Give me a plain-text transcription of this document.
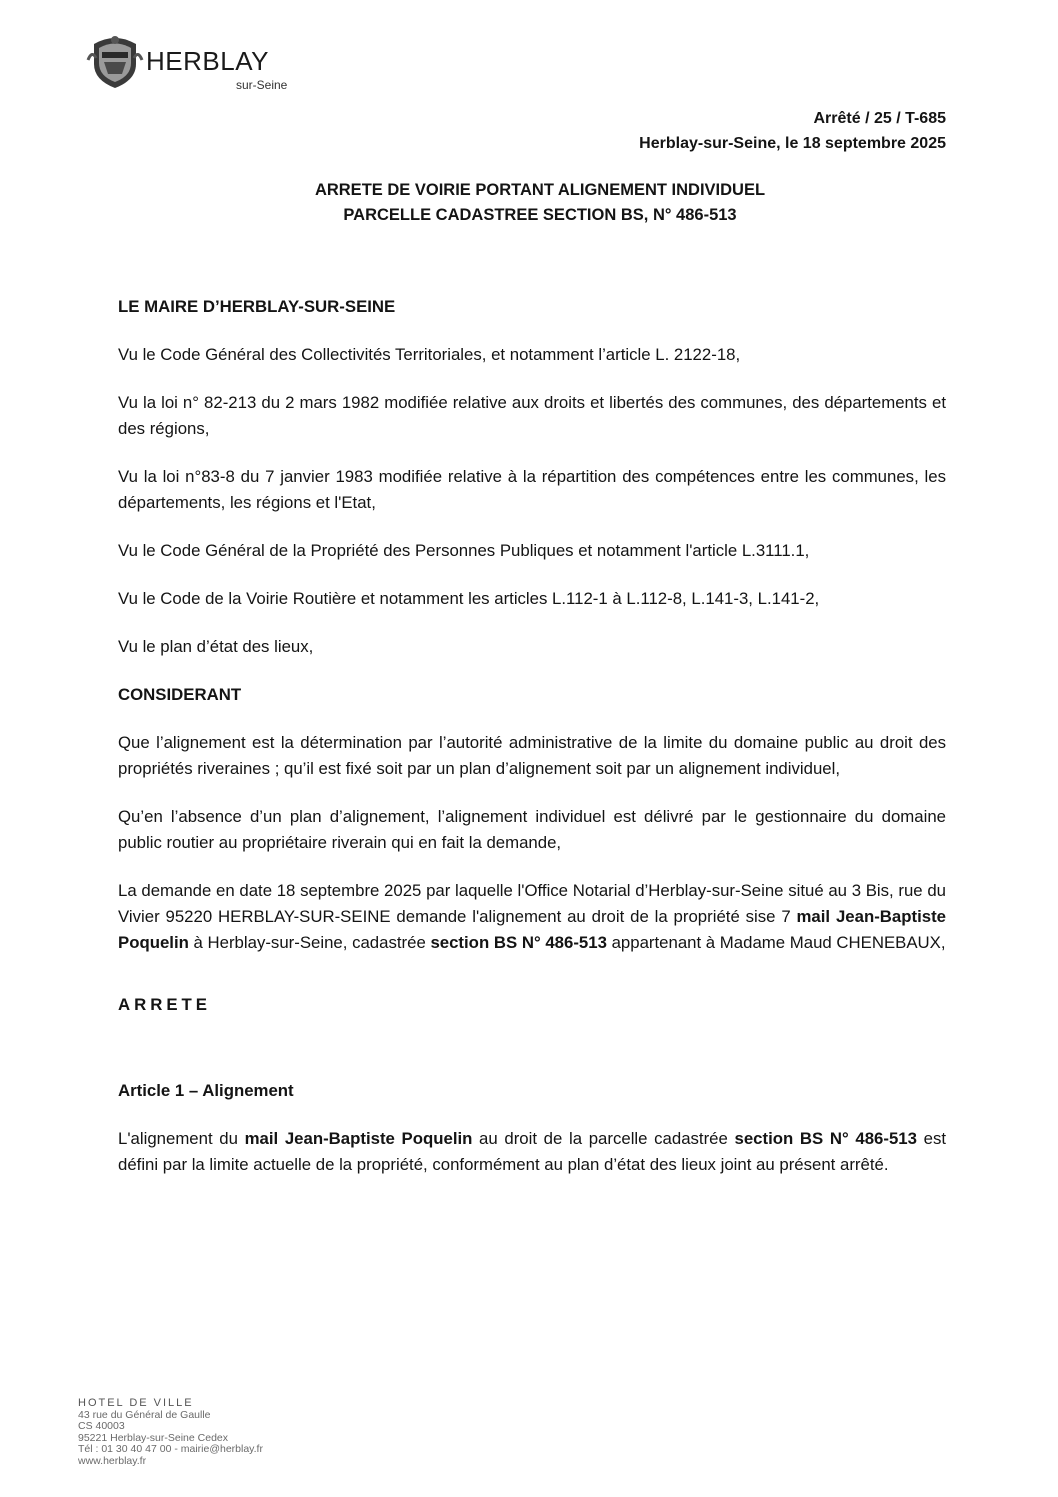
HERBLAY
sur-Seine
Arrêté / 25 / T-685
Herblay-sur-Seine, le 18 septembre 2025
ARRETE DE VOIRIE PORTANT ALIGNEMENT INDIVIDUEL
PARCELLE CADASTREE SECTION BS, N° 486-513

LE MAIRE D’HERBLAY-SUR-SEINE

Vu le Code Général des Collectivités Territoriales, et notamment l’article L. 2122-18,

Vu la loi n° 82-213 du 2 mars 1982 modifiée relative aux droits et libertés des communes, des départements et des régions,

Vu la loi n°83-8 du 7 janvier 1983 modifiée relative à la répartition des compétences entre les communes, les départements, les régions et l'Etat,

Vu le Code Général de la Propriété des Personnes Publiques et notamment l'article L.3111.1,

Vu le Code de la Voirie Routière et notamment les articles L.112-1 à L.112-8, L.141-3, L.141-2,

Vu le plan d’état des lieux,

CONSIDERANT

Que l’alignement est la détermination par l’autorité administrative de la limite du domaine public au droit des propriétés riveraines ; qu’il est fixé soit par un plan d’alignement soit par un alignement individuel,

Qu’en l’absence d’un plan d’alignement, l’alignement individuel est délivré par le gestionnaire du domaine public routier au propriétaire riverain qui en fait la demande,

La demande en date 18 septembre 2025 par laquelle l'Office Notarial d’Herblay-sur-Seine situé au 3 Bis, rue du Vivier 95220 HERBLAY-SUR-SEINE demande l'alignement au droit de la propriété sise 7 mail Jean-Baptiste Poquelin à Herblay-sur-Seine, cadastrée section BS N° 486-513 appartenant à Madame Maud CHENEBAUX,

ARRETE

Article 1 – Alignement

L'alignement du mail Jean-Baptiste Poquelin au droit de la parcelle cadastrée section BS N° 486-513 est défini par la limite actuelle de la propriété, conformément au plan d’état des lieux joint au présent arrêté.

HOTEL DE VILLE
43 rue du Général de Gaulle
CS 40003
95221 Herblay-sur-Seine Cedex
Tél : 01 30 40 47 00 - mairie@herblay.fr
www.herblay.fr
